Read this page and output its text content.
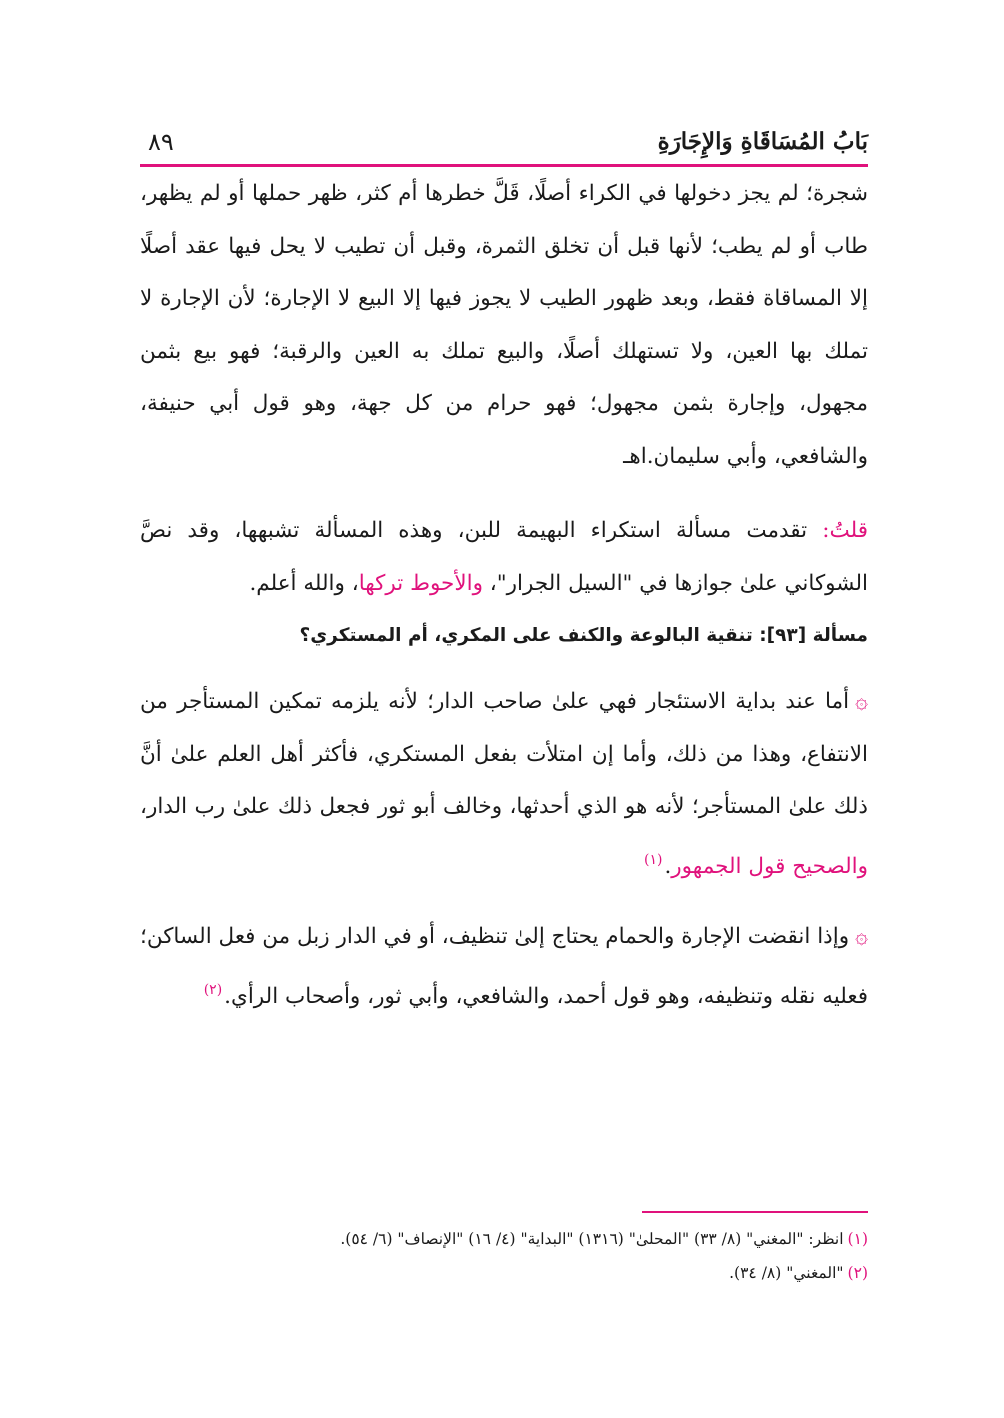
بَابُ المُسَاقَاةِ وَالإِجَارَةِ
٨٩

شجرة؛ لم يجز دخولها في الكراء أصلًا، قَلَّ خطرها أم كثر، ظهر حملها أو لم يظهر، طاب أو لم يطب؛ لأنها قبل أن تخلق الثمرة، وقبل أن تطيب لا يحل فيها عقد أصلًا إلا المساقاة فقط، وبعد ظهور الطيب لا يجوز فيها إلا البيع لا الإجارة؛ لأن الإجارة لا تملك بها العين، ولا تستهلك أصلًا، والبيع تملك به العين والرقبة؛ فهو بيع بثمن مجهول، وإجارة بثمن مجهول؛ فهو حرام من كل جهة، وهو قول أبي حنيفة، والشافعي، وأبي سليمان.اهـ

قلتُ: تقدمت مسألة استكراء البهيمة للبن، وهذه المسألة تشبهها، وقد نصَّ الشوكاني علىٰ جوازها في "السيل الجرار"، والأحوط تركها، والله أعلم.

مسألة [٩٣]: تنقية البالوعة والكنف على المكري، أم المستكري؟

۞أما عند بداية الاستئجار فهي علىٰ صاحب الدار؛ لأنه يلزمه تمكين المستأجر من الانتفاع، وهذا من ذلك، وأما إن امتلأت بفعل المستكري، فأكثر أهل العلم علىٰ أنَّ ذلك علىٰ المستأجر؛ لأنه هو الذي أحدثها، وخالف أبو ثور فجعل ذلك علىٰ رب الدار، والصحيح قول الجمهور.$^{(١)}$

۞وإذا انقضت الإجارة والحمام يحتاج إلىٰ تنظيف، أو في الدار زبل من فعل الساكن؛ فعليه نقله وتنظيفه، وهو قول أحمد، والشافعي، وأبي ثور، وأصحاب الرأي.$^{(٢)}$

(١)انظر: "المغني" (٨/ ٣٣) "المحلىٰ" (١٣١٦) "البداية" (٤/ ١٦) "الإنصاف" (٦/ ٥٤).

(٢)"المغني" (٨/ ٣٤).
